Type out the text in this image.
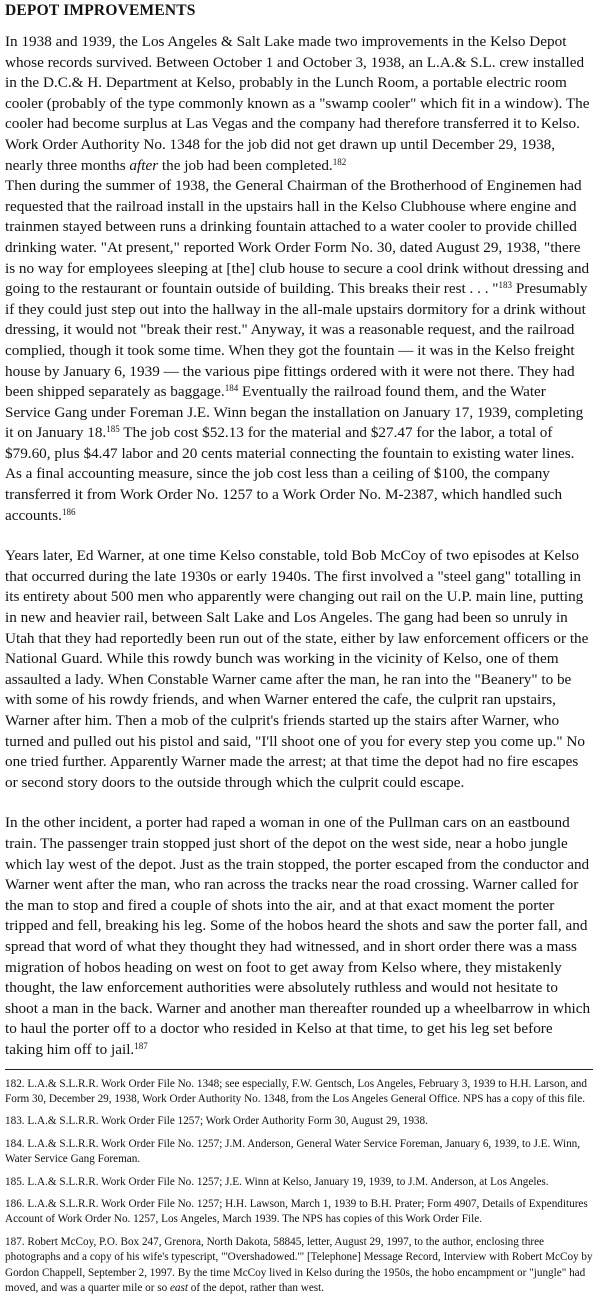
DEPOT IMPROVEMENTS

In 1938 and 1939, the Los Angeles & Salt Lake made two improvements in the Kelso Depot whose records survived. Between October 1 and October 3, 1938, an L.A.& S.L. crew installed in the D.C.& H. Department at Kelso, probably in the Lunch Room, a portable electric room cooler (probably of the type commonly known as a "swamp cooler" which fit in a window). The cooler had become surplus at Las Vegas and the company had therefore transferred it to Kelso. Work Order Authority No. 1348 for the job did not get drawn up until December 29, 1938, nearly three months after the job had been completed.$^{182}$

Then during the summer of 1938, the General Chairman of the Brotherhood of Enginemen had requested that the railroad install in the upstairs hall in the Kelso Clubhouse where engine and trainmen stayed between runs a drinking fountain attached to a water cooler to provide chilled drinking water. "At present," reported Work Order Form No. 30, dated August 29, 1938, "there is no way for employees sleeping at [the] club house to secure a cool drink without dressing and going to the restaurant or fountain outside of building. This breaks their rest . . . "$^{183}$ Presumably if they could just step out into the hallway in the all-male upstairs dormitory for a drink without dressing, it would not "break their rest." Anyway, it was a reasonable request, and the railroad complied, though it took some time. When they got the fountain — it was in the Kelso freight house by January 6, 1939 — the various pipe fittings ordered with it were not there. They had been shipped separately as baggage.$^{184}$ Eventually the railroad found them, and the Water Service Gang under Foreman J.E. Winn began the installation on January 17, 1939, completing it on January 18.$^{185}$ The job cost $52.13 for the material and $27.47 for the labor, a total of $79.60, plus $4.47 labor and 20 cents material connecting the fountain to existing water lines. As a final accounting measure, since the job cost less than a ceiling of $100, the company transferred it from Work Order No. 1257 to a Work Order No. M-2387, which handled such accounts.$^{186}$

Years later, Ed Warner, at one time Kelso constable, told Bob McCoy of two episodes at Kelso that occurred during the late 1930s or early 1940s. The first involved a "steel gang" totalling in its entirety about 500 men who apparently were changing out rail on the U.P. main line, putting in new and heavier rail, between Salt Lake and Los Angeles. The gang had been so unruly in Utah that they had reportedly been run out of the state, either by law enforcement officers or the National Guard. While this rowdy bunch was working in the vicinity of Kelso, one of them assaulted a lady. When Constable Warner came after the man, he ran into the "Beanery" to be with some of his rowdy friends, and when Warner entered the cafe, the culprit ran upstairs, Warner after him. Then a mob of the culprit's friends started up the stairs after Warner, who turned and pulled out his pistol and said, "I'll shoot one of you for every step you come up." No one tried further. Apparently Warner made the arrest; at that time the depot had no fire escapes or second story doors to the outside through which the culprit could escape.

In the other incident, a porter had raped a woman in one of the Pullman cars on an eastbound train. The passenger train stopped just short of the depot on the west side, near a hobo jungle which lay west of the depot. Just as the train stopped, the porter escaped from the conductor and Warner went after the man, who ran across the tracks near the road crossing. Warner called for the man to stop and fired a couple of shots into the air, and at that exact moment the porter tripped and fell, breaking his leg. Some of the hobos heard the shots and saw the porter fall, and spread that word of what they thought they had witnessed, and in short order there was a mass migration of hobos heading on west on foot to get away from Kelso where, they mistakenly thought, the law enforcement authorities were absolutely ruthless and would not hesitate to shoot a man in the back. Warner and another man thereafter rounded up a wheelbarrow in which to haul the porter off to a doctor who resided in Kelso at that time, to get his leg set before taking him off to jail.$^{187}$

182. L.A.& S.L.R.R. Work Order File No. 1348; see especially, F.W. Gentsch, Los Angeles, February 3, 1939 to H.H. Larson, and Form 30, December 29, 1938, Work Order Authority No. 1348, from the Los Angeles General Office. NPS has a copy of this file.

183. L.A.& S.L.R.R. Work Order File 1257; Work Order Authority Form 30, August 29, 1938.

184. L.A.& S.L.R.R. Work Order File No. 1257; J.M. Anderson, General Water Service Foreman, January 6, 1939, to J.E. Winn, Water Service Gang Foreman.

185. L.A.& S.L.R.R. Work Order File No. 1257; J.E. Winn at Kelso, January 19, 1939, to J.M. Anderson, at Los Angeles.

186. L.A.& S.L.R.R. Work Order File No. 1257; H.H. Lawson, March 1, 1939 to B.H. Prater; Form 4907, Details of Expenditures Account of Work Order No. 1257, Los Angeles, March 1939. The NPS has copies of this Work Order File.

187. Robert McCoy, P.O. Box 247, Grenora, North Dakota, 58845, letter, August 29, 1997, to the author, enclosing three photographs and a copy of his wife's typescript, "'Overshadowed.'" [Telephone] Message Record, Interview with Robert McCoy by Gordon Chappell, September 2, 1997. By the time McCoy lived in Kelso during the 1950s, the hobo encampment or "jungle" had moved, and was a quarter mile or so east of the depot, rather than west.
